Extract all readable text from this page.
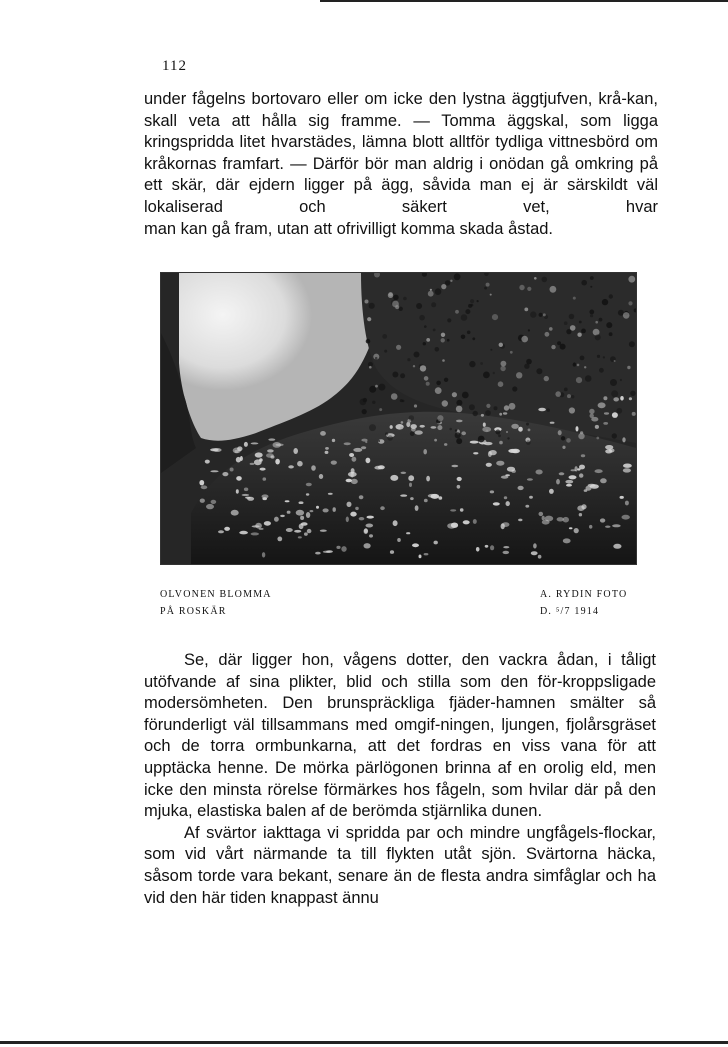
112
under fågelns bortovaro eller om icke den lystna äggtjufven, krå-kan, skall veta att hålla sig framme. — Tomma äggskal, som ligga kringspridda litet hvarstädes, lämna blott alltför tydliga vittnesbörd om kråkornas framfart. — Därför bör man aldrig i onödan gå omkring på ett skär, där ejdern ligger på ägg, såvida man ej är särskildt väl lokaliserad och säkert vet, hvar
man kan gå fram, utan att ofrivilligt komma skada åstad.
OLVONEN BLOMMA
PÅ ROSKÄR
A. RYDIN FOTO
D. ⁵/7 1914

Se, där ligger hon, vågens dotter, den vackra ådan, i tåligt utöfvande af sina plikter, blid och stilla som den för-kroppsligade modersömheten. Den brunspräckliga fjäder-hamnen smälter så förunderligt väl tillsammans med omgif-ningen, ljungen, fjolårsgräset och de torra ormbunkarna, att det fordras en viss vana för att upptäcka henne. De mörka pärlögonen brinna af en orolig eld, men icke den minsta rörelse förmärkes hos fågeln, som hvilar där på den mjuka, elastiska balen af de berömda stjärnlika dunen.

Af svärtor iakttaga vi spridda par och mindre ungfågels-flockar, som vid vårt närmande ta till flykten utåt sjön. Svärtorna häcka, såsom torde vara bekant, senare än de flesta andra simfåglar och ha vid den här tiden knappast ännu
